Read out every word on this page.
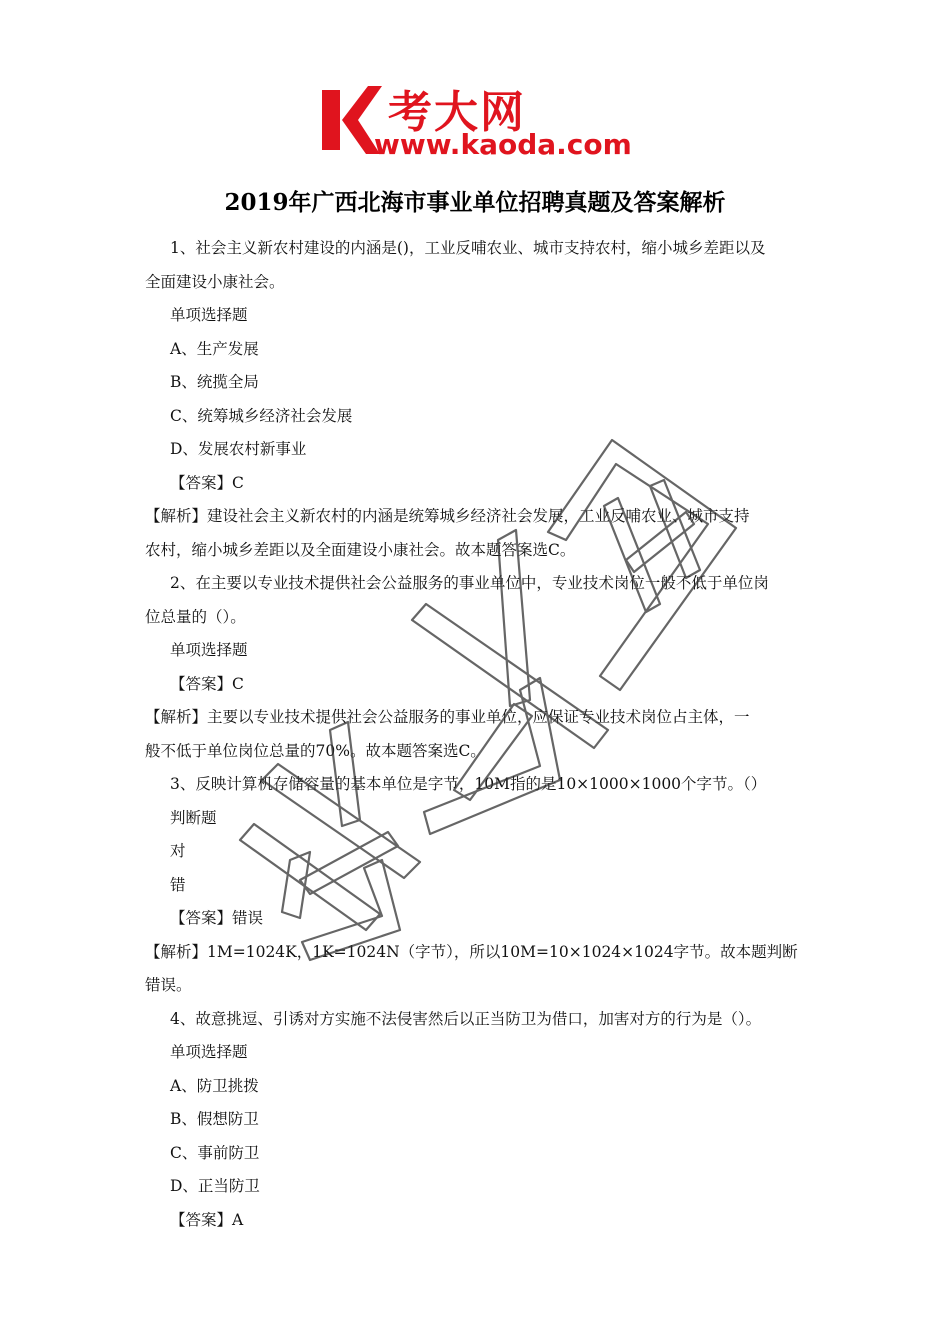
考大网
www.kaoda.com
2019年广西北海市事业单位招聘真题及答案解析

1、社会主义新农村建设的内涵是()，工业反哺农业、城市支持农村，缩小城乡差距以及

全面建设小康社会。

单项选择题

A、生产发展

B、统揽全局

C、统筹城乡经济社会发展

D、发展农村新事业

【答案】C

【解析】建设社会主义新农村的内涵是统筹城乡经济社会发展，工业反哺农业、城市支持

农村，缩小城乡差距以及全面建设小康社会。故本题答案选C。

2、在主要以专业技术提供社会公益服务的事业单位中，专业技术岗位一般不低于单位岗

位总量的（）。

单项选择题

【答案】C

【解析】主要以专业技术提供社会公益服务的事业单位，应保证专业技术岗位占主体，一

般不低于单位岗位总量的70%。故本题答案选C。

3、反映计算机存储容量的基本单位是字节，10M指的是10×1000×1000个字节。（）

判断题

对

错

【答案】错误

【解析】1M=1024K，1K=1024N（字节），所以10M=10×1024×1024字节。故本题判断错误。

4、故意挑逗、引诱对方实施不法侵害然后以正当防卫为借口，加害对方的行为是（）。

单项选择题

A、防卫挑拨

B、假想防卫

C、事前防卫

D、正当防卫

【答案】A
